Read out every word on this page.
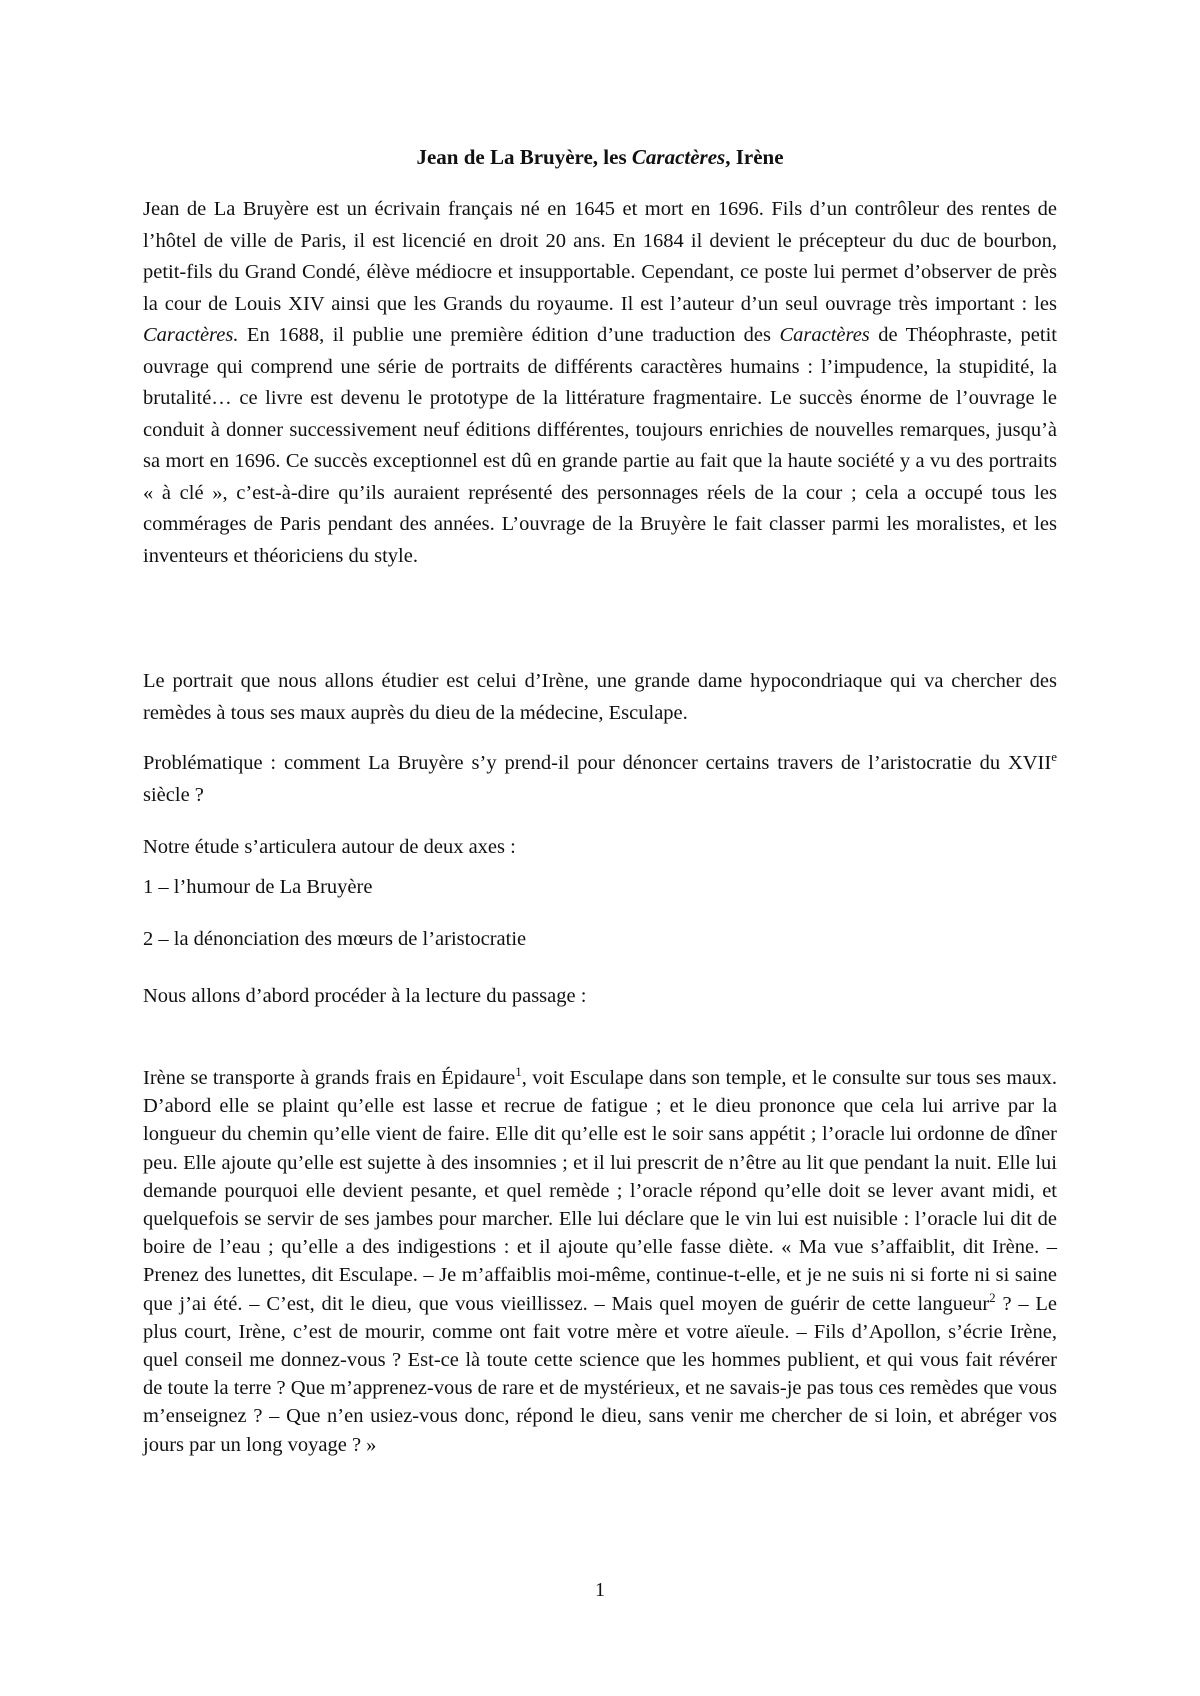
Jean de La Bruyère, les Caractères, Irène

Jean de La Bruyère est un écrivain français né en 1645 et mort en 1696. Fils d’un contrôleur des rentes de l’hôtel de ville de Paris, il est licencié en droit 20 ans. En 1684 il devient le précepteur du duc de bourbon, petit-fils du Grand Condé, élève médiocre et insupportable. Cependant, ce poste lui permet d’observer de près la cour de Louis XIV ainsi que les Grands du royaume. Il est l’auteur d’un seul ouvrage très important : les Caractères. En 1688, il publie une première édition d’une traduction des Caractères de Théophraste, petit ouvrage qui comprend une série de portraits de différents caractères humains : l’impudence, la stupidité, la brutalité… ce livre est devenu le prototype de la littérature fragmentaire. Le succès énorme de l’ouvrage le conduit à donner successivement neuf éditions différentes, toujours enrichies de nouvelles remarques, jusqu’à sa mort en 1696. Ce succès exceptionnel est dû en grande partie au fait que la haute société y a vu des portraits « à clé », c’est-à-dire qu’ils auraient représenté des personnages réels de la cour ; cela a occupé tous les commérages de Paris pendant des années. L’ouvrage de la Bruyère le fait classer parmi les moralistes, et les inventeurs et théoriciens du style.

Le portrait que nous allons étudier est celui d’Irène, une grande dame hypocondriaque qui va chercher des remèdes à tous ses maux auprès du dieu de la médecine, Esculape.

Problématique : comment La Bruyère s’y prend-il pour dénoncer certains travers de l’aristocratie du XVIIe siècle ?

Notre étude s’articulera autour de deux axes :

1 – l’humour de La Bruyère

2 – la dénonciation des mœurs de l’aristocratie

Nous allons d’abord procéder à la lecture du passage :

Irène se transporte à grands frais en Épidaure$^1$, voit Esculape dans son temple, et le consulte sur tous ses maux. D’abord elle se plaint qu’elle est lasse et recrue de fatigue ; et le dieu prononce que cela lui arrive par la longueur du chemin qu’elle vient de faire. Elle dit qu’elle est le soir sans appétit ; l’oracle lui ordonne de dîner peu. Elle ajoute qu’elle est sujette à des insomnies ; et il lui prescrit de n’être au lit que pendant la nuit. Elle lui demande pourquoi elle devient pesante, et quel remède ; l’oracle répond qu’elle doit se lever avant midi, et quelquefois se servir de ses jambes pour marcher. Elle lui déclare que le vin lui est nuisible : l’oracle lui dit de boire de l’eau ; qu’elle a des indigestions : et il ajoute qu’elle fasse diète. « Ma vue s’affaiblit, dit Irène. – Prenez des lunettes, dit Esculape. – Je m’affaiblis moi-même, continue-t-elle, et je ne suis ni si forte ni si saine que j’ai été. – C’est, dit le dieu, que vous vieillissez. – Mais quel moyen de guérir de cette langueur$^2$ ? – Le plus court, Irène, c’est de mourir, comme ont fait votre mère et votre aïeule. – Fils d’Apollon, s’écrie Irène, quel conseil me donnez-vous ? Est-ce là toute cette science que les hommes publient, et qui vous fait révérer de toute la terre ? Que m’apprenez-vous de rare et de mystérieux, et ne savais-je pas tous ces remèdes que vous m’enseignez ? – Que n’en usiez-vous donc, répond le dieu, sans venir me chercher de si loin, et abréger vos jours par un long voyage ? »

1
